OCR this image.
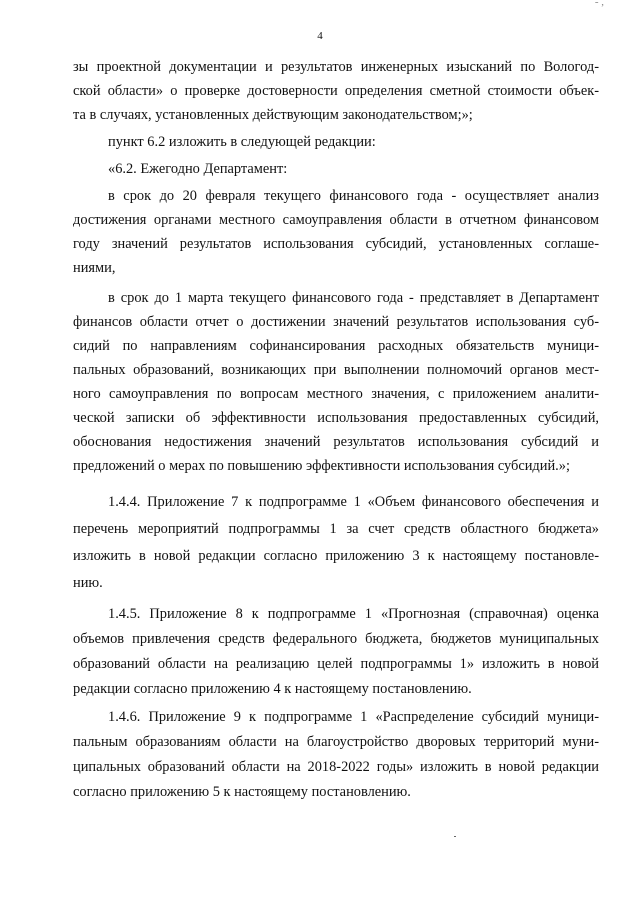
- ,
4
зы проектной документации и результатов инженерных изысканий по Вологод-
ской области» о проверке достоверности определения сметной стоимости объек-
та в случаях, установленных действующим законодательством;»;
пункт 6.2 изложить в следующей редакции:
«6.2. Ежегодно Департамент:
в срок до 20 февраля текущего финансового года - осуществляет анализ
достижения органами местного самоуправления области в отчетном финансовом
году значений результатов использования субсидий, установленных соглаше-
ниями,
в срок до 1 марта текущего финансового года - представляет в Департамент
финансов области отчет о достижении значений результатов использования суб-
сидий по направлениям софинансирования расходных обязательств муници-
пальных образований, возникающих при выполнении полномочий органов мест-
ного самоуправления по вопросам местного значения, с приложением аналити-
ческой записки об эффективности использования предоставленных субсидий,
обоснования недостижения значений результатов использования субсидий и
предложений о мерах по повышению эффективности использования субсидий.»;
1.4.4. Приложение 7 к подпрограмме 1 «Объем финансового обеспечения и
перечень мероприятий подпрограммы 1 за счет средств областного бюджета»
изложить в новой редакции согласно приложению 3 к настоящему постановле-
нию.
1.4.5. Приложение 8 к подпрограмме 1 «Прогнозная (справочная) оценка
объемов привлечения средств федерального бюджета, бюджетов муниципальных
образований области на реализацию целей подпрограммы 1» изложить в новой
редакции согласно приложению 4 к настоящему постановлению.
1.4.6. Приложение 9 к подпрограмме 1 «Распределение субсидий муници-
пальным образованиям области на благоустройство дворовых территорий муни-
ципальных образований области на 2018-2022 годы» изложить в новой редакции
согласно приложению 5 к настоящему постановлению.
